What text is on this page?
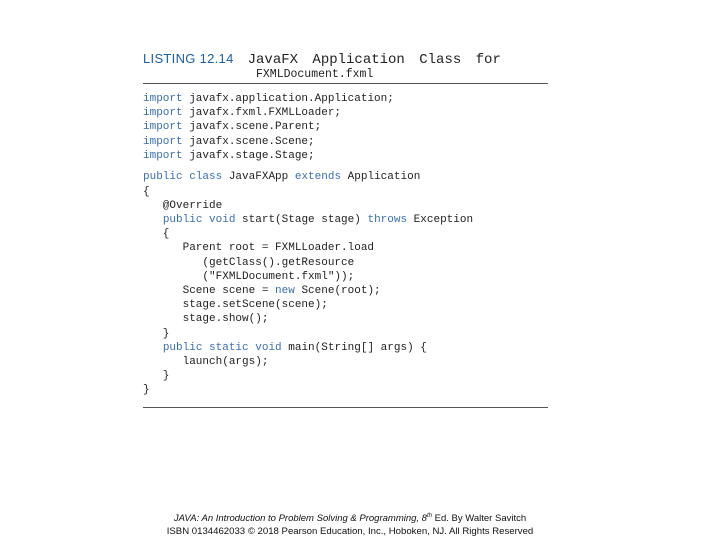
LISTING 12.14 JavaFX Application Class for
FXMLDocument.fxml
import javafx.application.Application;
import javafx.fxml.FXMLLoader;
import javafx.scene.Parent;
import javafx.scene.Scene;
import javafx.stage.Stage;
public class JavaFXApp extends Application
{
@Override
public void start(Stage stage) throws Exception
{
Parent root = FXMLLoader.load
(getClass().getResource
("FXMLDocument.fxml"));
Scene scene = new Scene(root);
stage.setScene(scene);
stage.show();
}
public static void main(String[] args) {
launch(args);
}
}
JAVA: An Introduction to Problem Solving & Programming, 8th Ed. By Walter Savitch
ISBN 0134462033 © 2018 Pearson Education, Inc., Hoboken, NJ. All Rights Reserved
